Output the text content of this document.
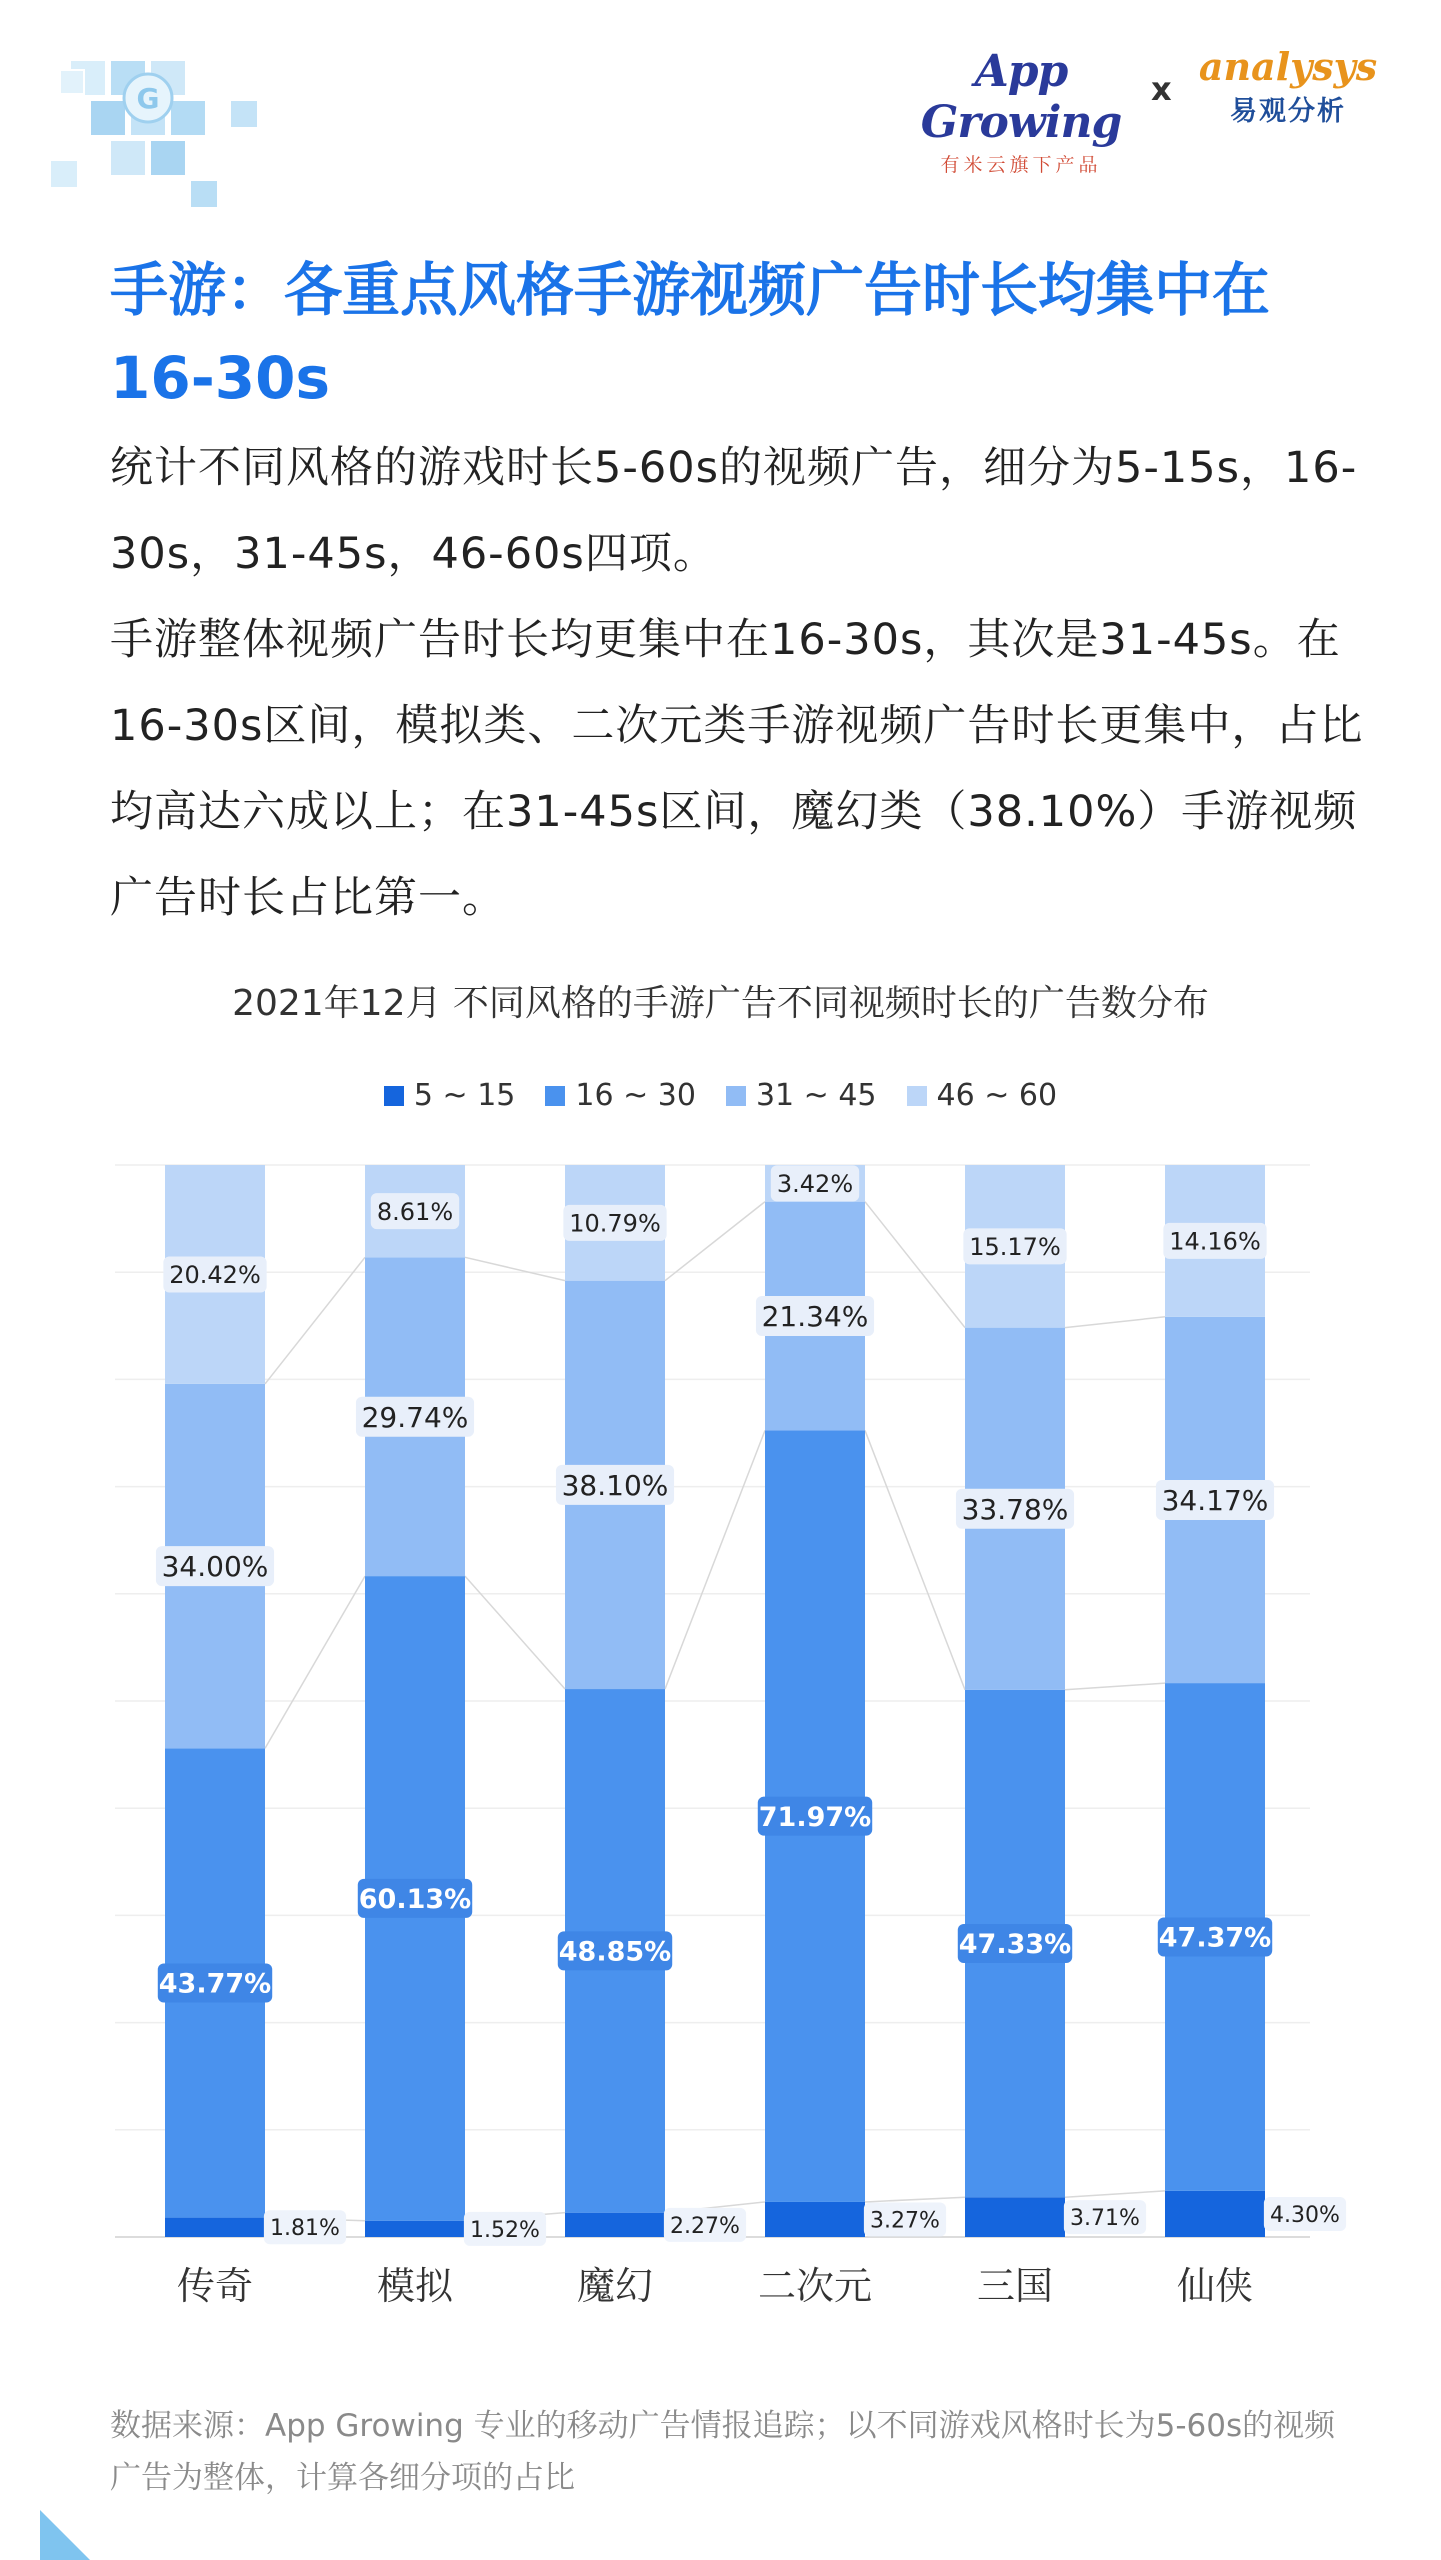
G
App Growing
有米云旗下产品
x analysys
易观分析
手游：各重点风格手游视频广告时长均集中在16-30s

统计不同风格的游戏时长5-60s的视频广告，细分为5-15s，16-30s，31-45s，46-60s四项。

手游整体视频广告时长均更集中在16-30s，其次是31-45s。在16-30s区间，模拟类、二次元类手游视频广告时长更集中，占比均高达六成以上；在31-45s区间，魔幻类（38.10%）手游视频广告时长占比第一。

2021年12月 不同风格的手游广告不同视频时长的广告数分布
5 ~ 15 16 ~ 30 31 ~ 45 46 ~ 60
1.81%
43.77%
34.00%
20.42%
传奇
1.52%
60.13%
29.74%
8.61%
模拟
2.27%
48.85%
38.10%
10.79%
魔幻
3.27%
71.97%
21.34%
3.42%
二次元
3.71%
47.33%
33.78%
15.17%
三国
4.30%
47.37%
34.17%
14.16%
仙侠

数据来源：App Growing 专业的移动广告情报追踪；以不同游戏风格时长为5-60s的视频广告为整体，计算各细分项的占比
